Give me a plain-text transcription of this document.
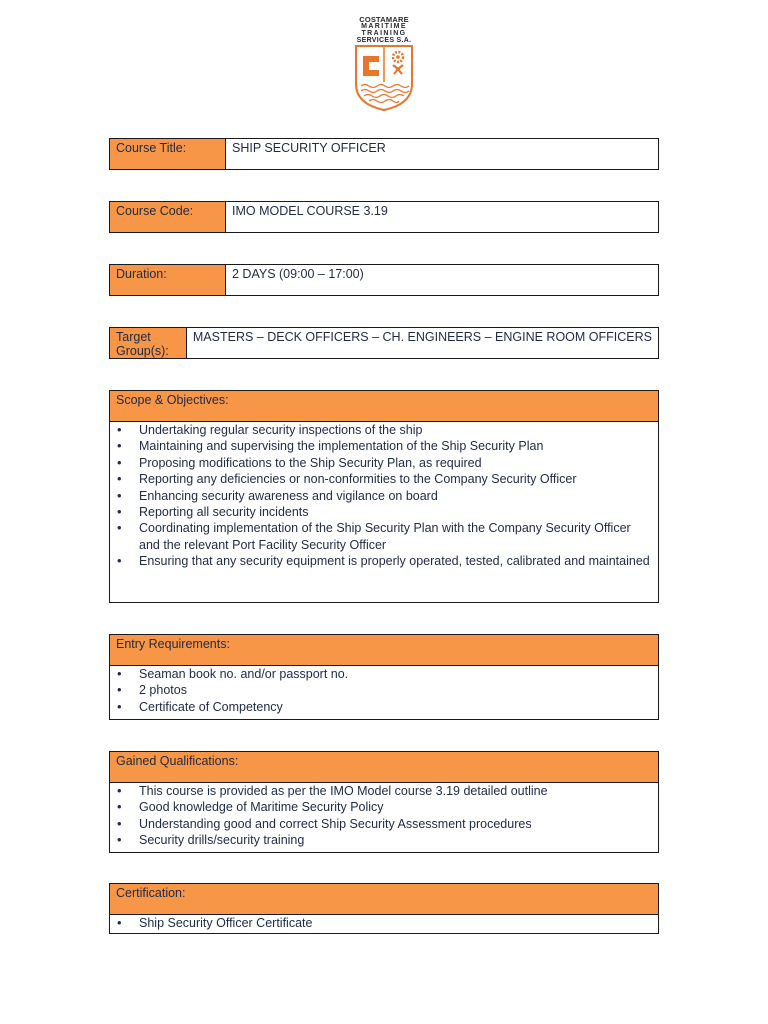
COSTAMARE
MARITIME
TRAINING
SERVICES S.A.
Course Title:	SHIP SECURITY OFFICER
Course Code:	IMO MODEL COURSE 3.19
Duration:	2 DAYS (09:00 – 17:00)
Target Group(s):
MASTERS – DECK OFFICERS – CH. ENGINEERS – ENGINE ROOM OFFICERS
Scope & Objectives:
• Undertaking regular security inspections of the ship
• Maintaining and supervising the implementation of the Ship Security Plan
• Proposing modifications to the Ship Security Plan, as required
• Reporting any deficiencies or non-conformities to the Company Security Officer
• Enhancing security awareness and vigilance on board
• Reporting all security incidents
• Coordinating implementation of the Ship Security Plan with the Company Security Officer and the relevant Port Facility Security Officer
• Ensuring that any security equipment is properly operated, tested, calibrated and maintained
Entry Requirements:
• Seaman book no. and/or passport no.
• 2 photos
• Certificate of Competency
Gained Qualifications:
• This course is provided as per the IMO Model course 3.19 detailed outline
• Good knowledge of Maritime Security Policy
• Understanding good and correct Ship Security Assessment procedures
• Security drills/security training
Certification:
• Ship Security Officer Certificate
